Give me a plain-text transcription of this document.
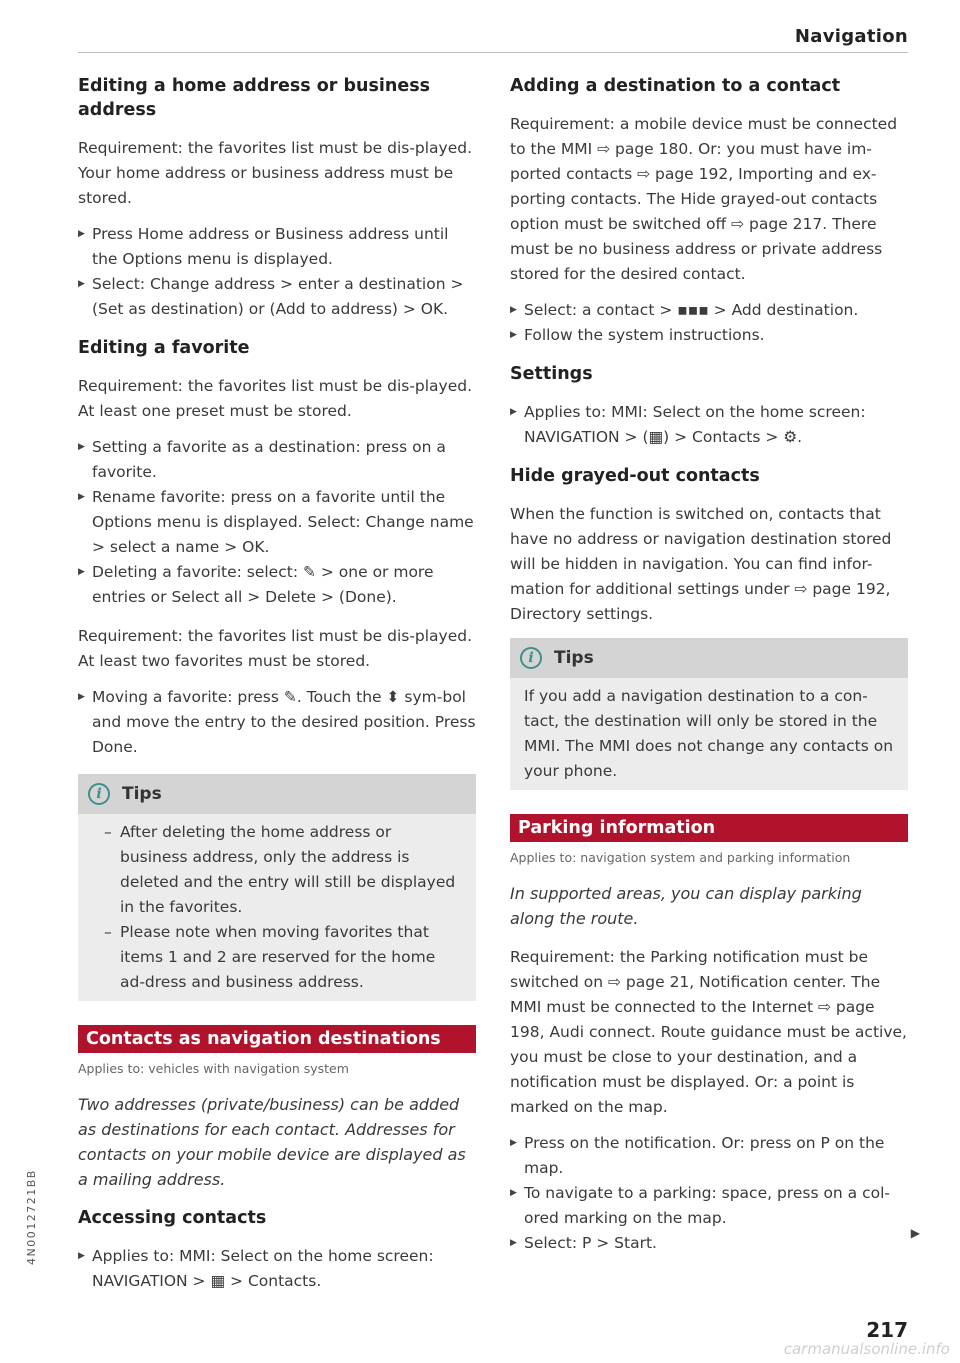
Navigation
Editing a home address or business address

Requirement: the favorites list must be dis-played. Your home address or business address must be stored.

▶ Press Home address or Business address until the Options menu is displayed.
▶ Select: Change address > enter a destination > (Set as destination) or (Add to address) > OK.
Editing a favorite

Requirement: the favorites list must be dis-played. At least one preset must be stored.

▶ Setting a favorite as a destination: press on a favorite.
▶ Rename favorite: press on a favorite until the Options menu is displayed. Select: Change name > select a name > OK.
▶ Deleting a favorite: select: ✎ > one or more entries or Select all > Delete > (Done).

Requirement: the favorites list must be dis-played. At least two favorites must be stored.

▶ Moving a favorite: press ✎. Touch the ⬍ sym-bol and move the entry to the desired position. Press Done.
i	Tips
– After deleting the home address or business address, only the address is deleted and the entry will still be displayed in the favorites.
– Please note when moving favorites that items 1 and 2 are reserved for the home ad-dress and business address.
Contacts as navigation destinations
Applies to: vehicles with navigation system

Two addresses (private/business) can be added as destinations for each contact. Addresses for contacts on your mobile device are displayed as a mailing address.

Accessing contacts
▶ Applies to: MMI: Select on the home screen: NAVIGATION > ▦ > Contacts.
Adding a destination to a contact

Requirement: a mobile device must be connected to the MMI ⇨ page 180. Or: you must have im-ported contacts ⇨ page 192, Importing and ex-porting contacts. The Hide grayed-out contacts option must be switched off ⇨ page 217. There must be no business address or private address stored for the desired contact.

▶ Select: a contact > ▪▪▪ > Add destination.
▶ Follow the system instructions.
Settings
▶ Applies to: MMI: Select on the home screen: NAVIGATION > (▦) > Contacts > ⚙.
Hide grayed-out contacts

When the function is switched on, contacts that have no address or navigation destination stored will be hidden in navigation. You can find infor-mation for additional settings under ⇨ page 192, Directory settings.

i	Tips

If you add a navigation destination to a con-tact, the destination will only be stored in the MMI. The MMI does not change any contacts on your phone.

Parking information
Applies to: navigation system and parking information

In supported areas, you can display parking along the route.

Requirement: the Parking notification must be switched on ⇨ page 21, Notification center. The MMI must be connected to the Internet ⇨ page 198, Audi connect. Route guidance must be active, you must be close to your destination, and a notification must be displayed. Or: a point is marked on the map.

▶ Press on the notification. Or: press on P on the map.
▶ To navigate to a parking: space, press on a col-ored marking on the map.
▶ Select: P > Start.
4N0012721BB	▶
217
carmanualsonline.info
